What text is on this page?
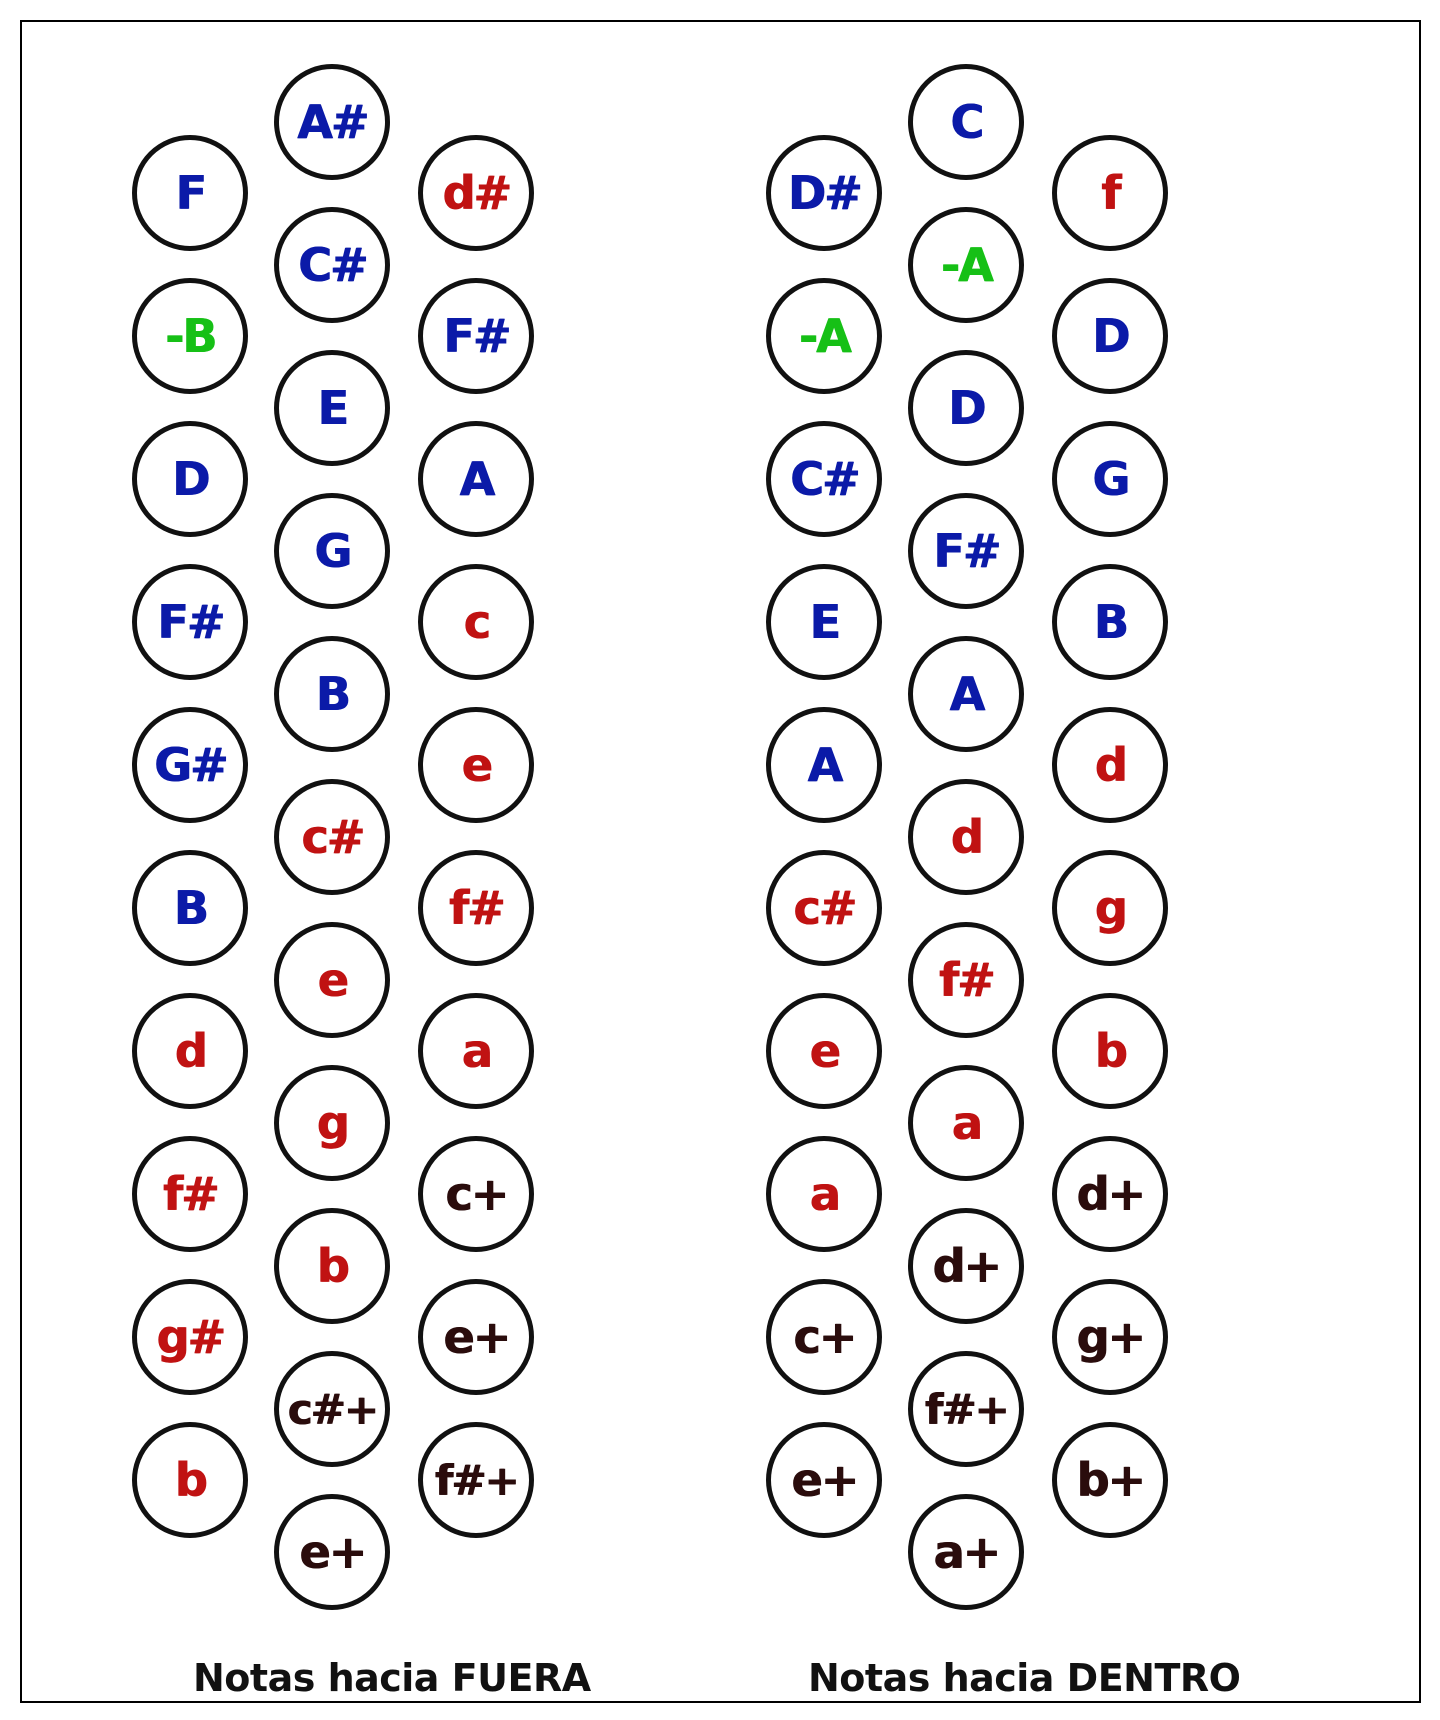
Notas hacia FUERA
F
-B
D
F#
G#
B
d
f#
g#
b
A#
C#
E
G
B
c#
e
g
b
c#+
e+
d#
F#
A
c
e
f#
a
c+
e+
f#+
Notas hacia DENTRO
D#
-A
C#
E
A
c#
e
a
c+
e+
C
-A
D
F#
A
d
f#
a
d+
f#+
a+
f
D
G
B
d
g
b
d+
g+
b+
